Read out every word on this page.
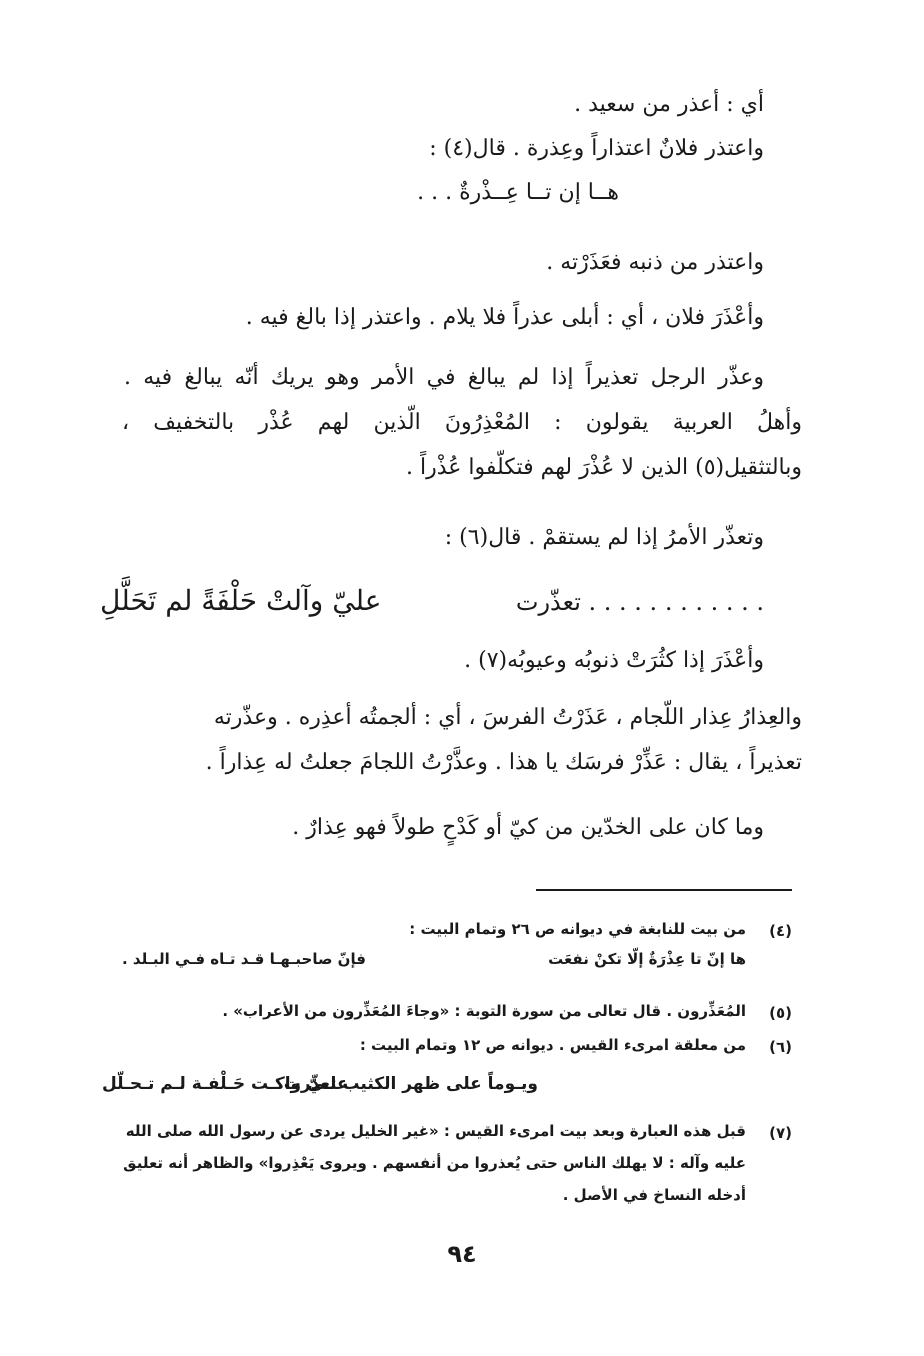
أي : أعذر من سعيد .
واعتذر فلانٌ اعتذاراً وعِذرة . قال(٤) :
هــا إن تــا عِــذْرةٌ . . .
واعتذر من ذنبه فعَذَرْته .
وأعْذَرَ فلان ، أي : أبلى عذراً فلا يلام . واعتذر إذا بالغ فيه .
وعذّر الرجل تعذيراً إذا لم يبالغ في الأمر وهو يريك أنّه يبالغ فيه .
وأهلُ العربية يقولون : المُعْذِرُونَ الّذين لهم عُذْر بالتخفيف ،
وبالتثقيل(٥) الذين لا عُذْرَ لهم فتكلّفوا عُذْراً .
وتعذّر الأمرُ إذا لم يستقمْ . قال(٦) :
. . . . . . . . . . . . تعذّرت
عليّ وآلتْ حَلْفَةً لم تَحَلَّلِ
وأعْذَرَ إذا كثُرَتْ ذنوبُه وعيوبُه(٧) .
والعِذارُ عِذار اللّجام ، عَذَرْتُ الفرسَ ، أي : ألجمتُه أعذِره . وعذّرته
تعذيراً ، يقال : عَذِّرْ فرسَك يا هذا . وعذَّرْتُ اللجامَ جعلتُ له عِذاراً .
وما كان على الخدّين من كيّ أو كَدْحٍ طولاً فهو عِذارٌ .
(٤)
من بيت للنابغة في ديوانه ص ٢٦ وتمام البيت :
ها إنّ تا عِذْرَةٌ إلّا تكنْ نفعَت
فإنّ صاحبـهـا قـد تـاه فـي البـلد .
(٥)
المُعَذِّرون . قال تعالى من سورة التوبة : «وجاءَ المُعَذِّرون من الأعراب» .
(٦)
من معلقة امرىء القيس . ديوانه ص ١٢ وتمام البيت :
ويـوماً على ظهر الكثيب تعذّرت
علـيّ واكـت حَـلْفـة لـم تـحـلّل
(٧)
قبل هذه العبارة وبعد بيت امرىء القيس : «غير الخليل يردى عن رسول الله صلى الله
عليه وآله : لا يهلك الناس حتى يُعذروا من أنفسهم . ويروى يَعْذِروا» والظاهر أنه تعليق
أدخله النساخ في الأصل .
٩٤
